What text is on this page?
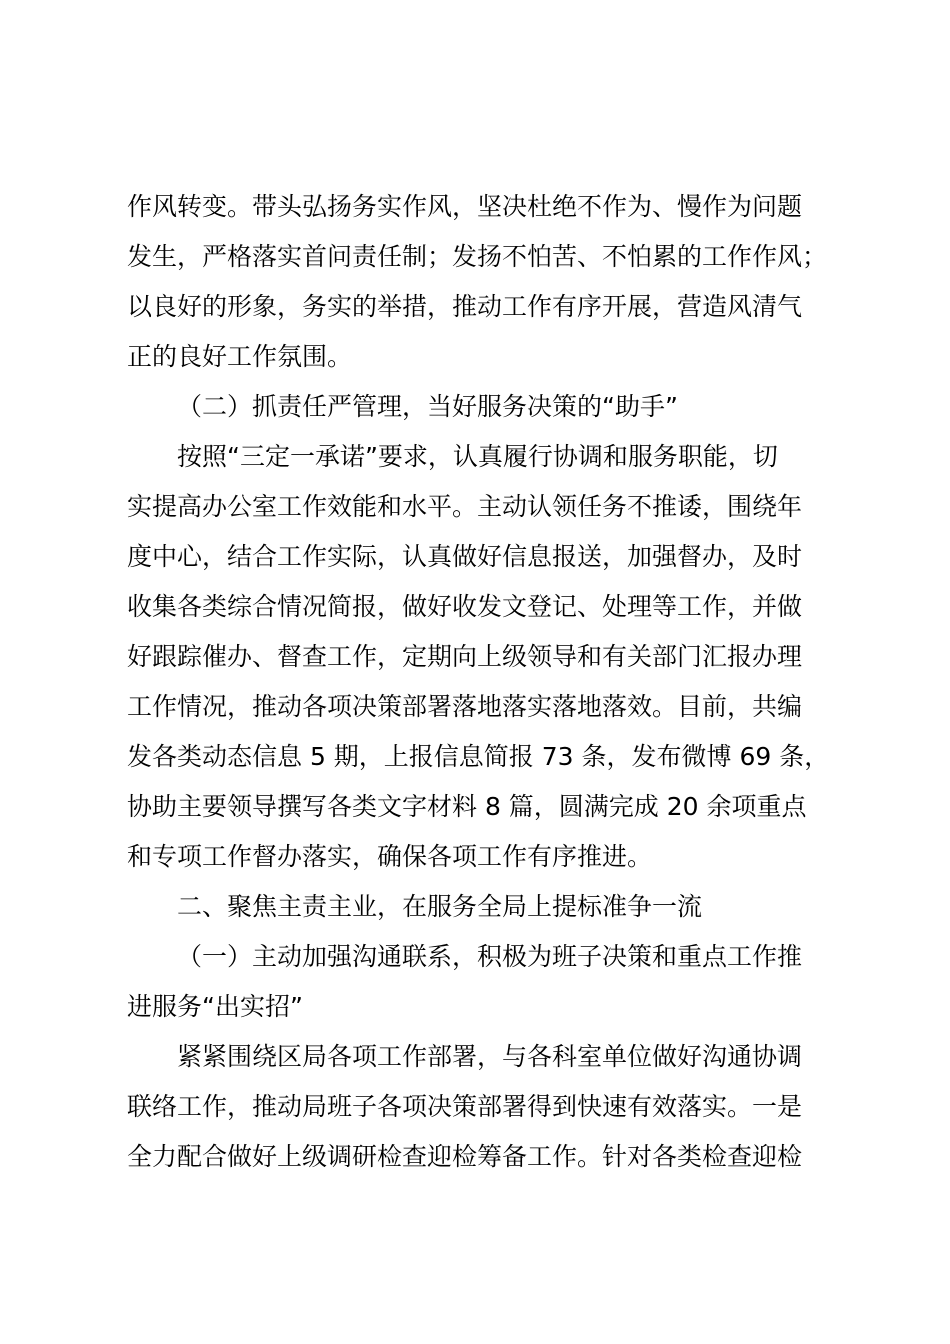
作风转变。带头弘扬务实作风，坚决杜绝不作为、慢作为问题
发生，严格落实首问责任制；发扬不怕苦、不怕累的工作作风；
以良好的形象，务实的举措，推动工作有序开展，营造风清气
正的良好工作氛围。
（二）抓责任严管理，当好服务决策的“助手”
按照“三定一承诺”要求，认真履行协调和服务职能，切
实提高办公室工作效能和水平。主动认领任务不推诿，围绕年
度中心，结合工作实际，认真做好信息报送，加强督办，及时
收集各类综合情况简报，做好收发文登记、处理等工作，并做
好跟踪催办、督查工作，定期向上级领导和有关部门汇报办理
工作情况，推动各项决策部署落地落实落地落效。目前，共编
发各类动态信息 5 期，上报信息简报 73 条，发布微博 69 条，
协助主要领导撰写各类文字材料 8 篇，圆满完成 20 余项重点
和专项工作督办落实，确保各项工作有序推进。
二、聚焦主责主业，在服务全局上提标准争一流
（一）主动加强沟通联系，积极为班子决策和重点工作推
进服务“出实招”
紧紧围绕区局各项工作部署，与各科室单位做好沟通协调
联络工作，推动局班子各项决策部署得到快速有效落实。一是
全力配合做好上级调研检查迎检筹备工作。针对各类检查迎检
